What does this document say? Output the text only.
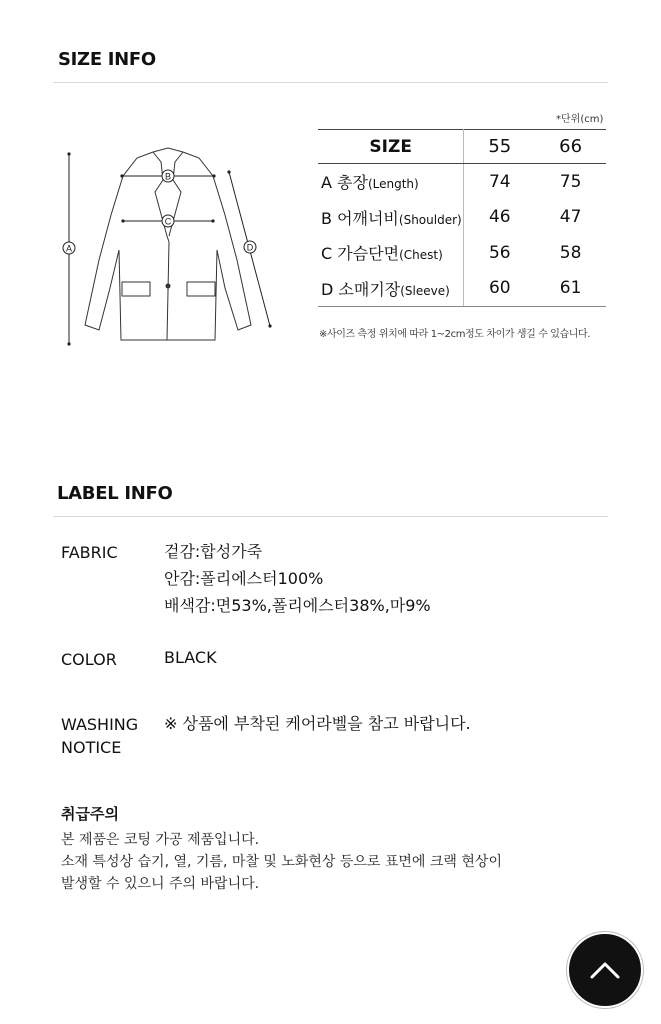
SIZE INFO
A
B
C
D
*단위(cm)
SIZE	55	66
A 총장(Length)	74	75
B 어깨너비(Shoulder)	46	47
C 가슴단면(Chest)	56	58
D 소매기장(Sleeve)	60	61
※사이즈 측정 위치에 따라 1~2cm정도 차이가 생길 수 있습니다.
LABEL INFO
FABRIC	겉감:합성가죽
안감:폴리에스터100%
배색감:면53%,폴리에스터38%,마9%
COLOR	BLACK
WASHING
NOTICE
※ 상품에 부착된 케어라벨을 참고 바랍니다.
취급주의
본 제품은 코팅 가공 제품입니다.
소재 특성상 습기, 열, 기름, 마찰 및 노화현상 등으로 표면에 크랙 현상이
발생할 수 있으니 주의 바랍니다.
